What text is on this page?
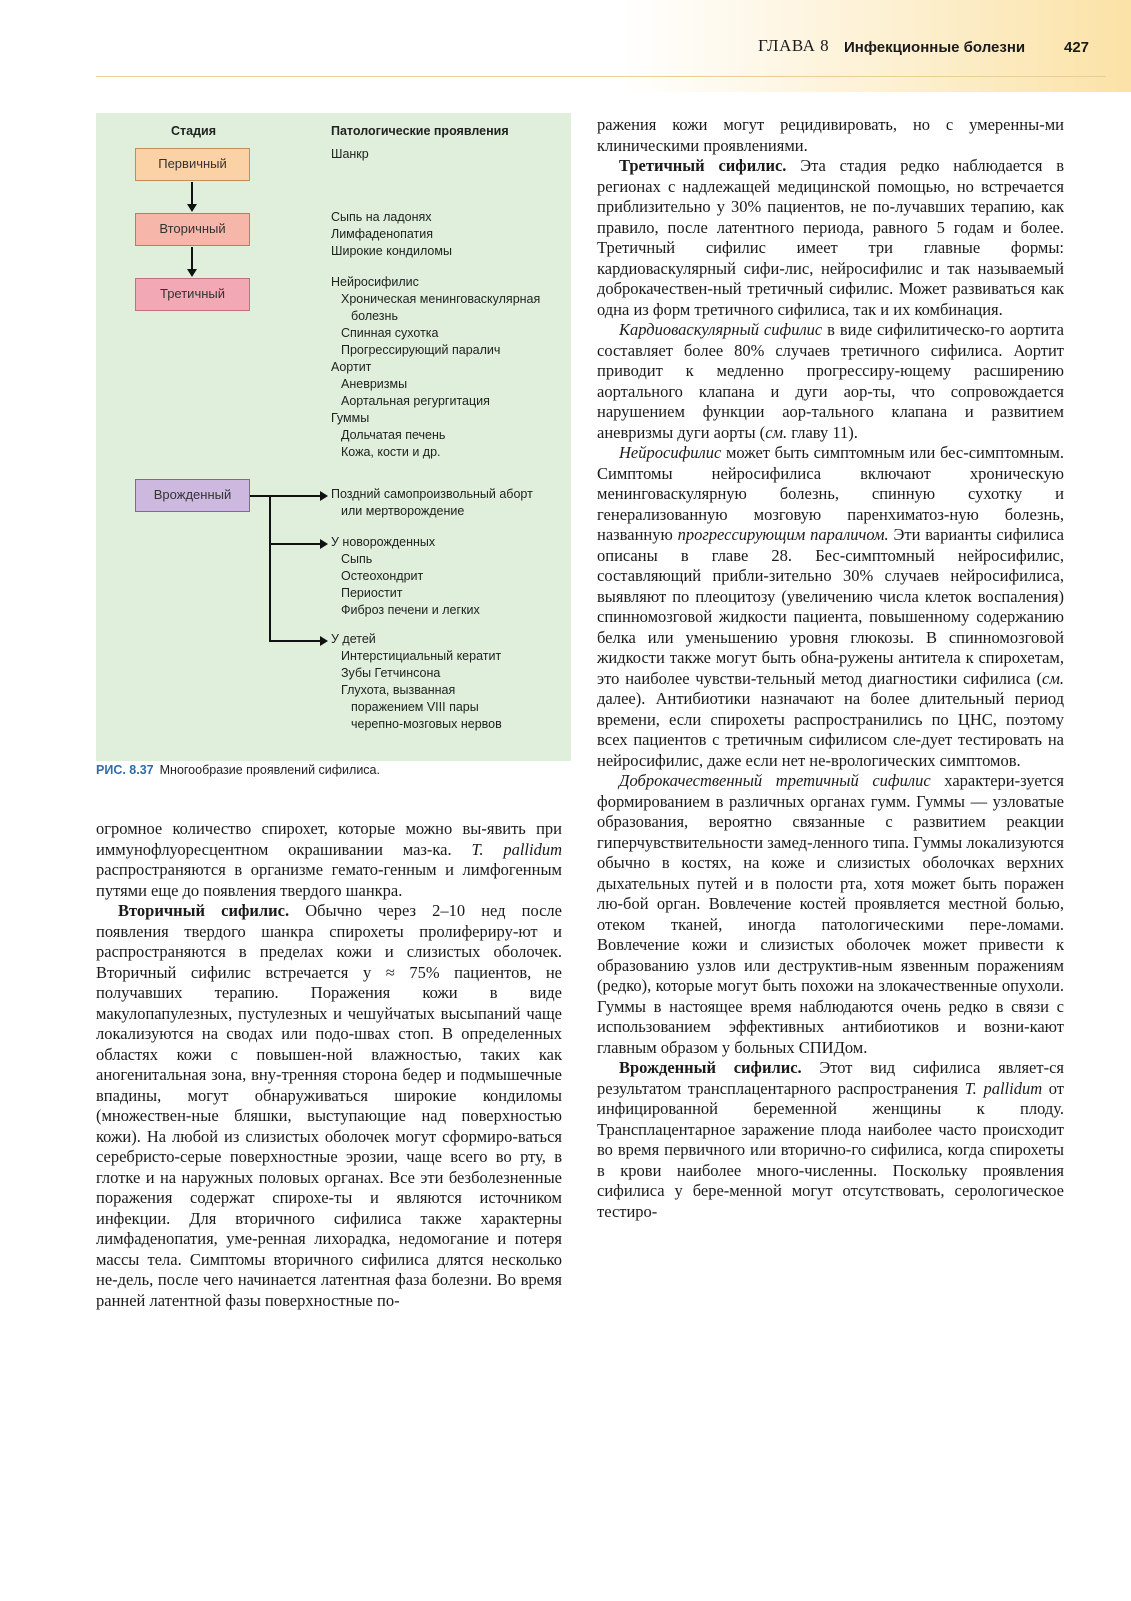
ГЛАВА 8 Инфекционные болезни	427
Стадия	Патологические проявления
Первичный
Вторичный
Третичный
Врожденный
Шанкр
Сыпь на ладонях
Лимфаденопатия
Широкие кондиломы
Нейросифилис
Хроническая менинговаскулярная
болезнь
Спинная сухотка
Прогрессирующий паралич
Аортит
Аневризмы
Аортальная регургитация
Гуммы
Дольчатая печень
Кожа, кости и др.
Поздний самопроизвольный аборт
или мертворождение
У новорожденных
Сыпь
Остеохондрит
Периостит
Фиброз печени и легких
У детей
Интерстициальный кератит
Зубы Гетчинсона
Глухота, вызванная
поражением VIII пары
черепно-мозговых нервов
РИС. 8.37 Многообразие проявлений сифилиса.

огромное количество спирохет, которые можно вы-явить при иммунофлуоресцентном окрашивании маз-ка. T. pallidum распространяются в организме гемато-генным и лимфогенным путями еще до появления твердого шанкра.

Вторичный сифилис. Обычно через 2–10 нед после появления твердого шанкра спирохеты пролифериру-ют и распространяются в пределах кожи и слизистых оболочек. Вторичный сифилис встречается у ≈ 75% пациентов, не получавших терапию. Поражения кожи в виде макулопапулезных, пустулезных и чешуйчатых высыпаний чаще локализуются на сводах или подо-швах стоп. В определенных областях кожи с повышен-ной влажностью, таких как аногенитальная зона, вну-тренняя сторона бедер и подмышечные впадины, могут обнаруживаться широкие кондиломы (множествен-ные бляшки, выступающие над поверхностью кожи). На любой из слизистых оболочек могут сформиро-ваться серебристо-серые поверхностные эрозии, чаще всего во рту, в глотке и на наружных половых органах. Все эти безболезненные поражения содержат спирохе-ты и являются источником инфекции. Для вторичного сифилиса также характерны лимфаденопатия, уме-ренная лихорадка, недомогание и потеря массы тела. Симптомы вторичного сифилиса длятся несколько не-дель, после чего начинается латентная фаза болезни. Во время ранней латентной фазы поверхностные по-

ражения кожи могут рецидивировать, но с умеренны-ми клиническими проявлениями.

Третичный сифилис. Эта стадия редко наблюдается в регионах с надлежащей медицинской помощью, но встречается приблизительно у 30% пациентов, не по-лучавших терапию, как правило, после латентного периода, равного 5 годам и более. Третичный сифилис имеет три главные формы: кардиоваскулярный сифи-лис, нейросифилис и так называемый доброкачествен-ный третичный сифилис. Может развиваться как одна из форм третичного сифилиса, так и их комбинация.

Кардиоваскулярный сифилис в виде сифилитическо-го аортита составляет более 80% случаев третичного сифилиса. Аортит приводит к медленно прогрессиру-ющему расширению аортального клапана и дуги аор-ты, что сопровождается нарушением функции аор-тального клапана и развитием аневризмы дуги аорты (см. главу 11).

Нейросифилис может быть симптомным или бес-симптомным. Симптомы нейросифилиса включают хроническую менинговаскулярную болезнь, спинную сухотку и генерализованную мозговую паренхиматоз-ную болезнь, названную прогрессирующим параличом. Эти варианты сифилиса описаны в главе 28. Бес-симптомный нейросифилис, составляющий прибли-зительно 30% случаев нейросифилиса, выявляют по плеоцитозу (увеличению числа клеток воспаления) спинномозговой жидкости пациента, повышенному содержанию белка или уменьшению уровня глюкозы. В спинномозговой жидкости также могут быть обна-ружены антитела к спирохетам, это наиболее чувстви-тельный метод диагностики сифилиса (см. далее). Антибиотики назначают на более длительный период времени, если спирохеты распространились по ЦНС, поэтому всех пациентов с третичным сифилисом сле-дует тестировать на нейросифилис, даже если нет не-врологических симптомов.

Доброкачественный третичный сифилис характери-зуется формированием в различных органах гумм. Гуммы — узловатые образования, вероятно связанные с развитием реакции гиперчувствительности замед-ленного типа. Гуммы локализуются обычно в костях, на коже и слизистых оболочках верхних дыхательных путей и в полости рта, хотя может быть поражен лю-бой орган. Вовлечение костей проявляется местной болью, отеком тканей, иногда патологическими пере-ломами. Вовлечение кожи и слизистых оболочек может привести к образованию узлов или деструктив-ным язвенным поражениям (редко), которые могут быть похожи на злокачественные опухоли. Гуммы в настоящее время наблюдаются очень редко в связи с использованием эффективных антибиотиков и возни-кают главным образом у больных СПИДом.

Врожденный сифилис. Этот вид сифилиса являет-ся результатом трансплацентарного распространения T. pallidum от инфицированной беременной женщины к плоду. Трансплацентарное заражение плода наиболее часто происходит во время первичного или вторично-го сифилиса, когда спирохеты в крови наиболее много-численны. Поскольку проявления сифилиса у бере-менной могут отсутствовать, серологическое тестиро-
